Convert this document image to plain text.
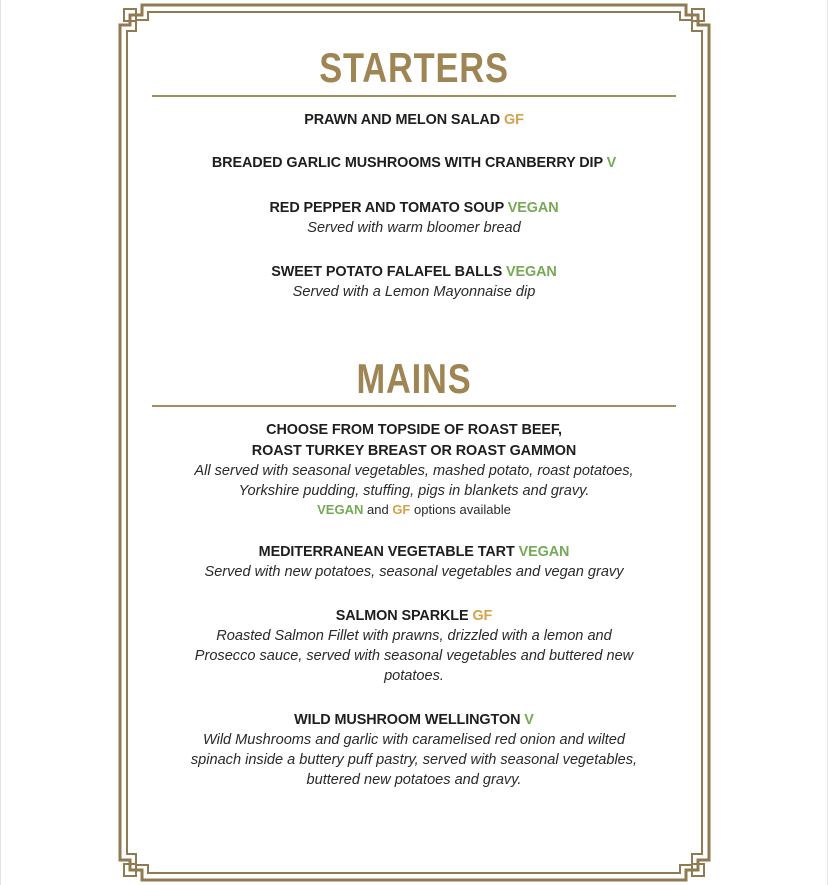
STARTERS
PRAWN AND MELON SALAD GF
BREADED GARLIC MUSHROOMS WITH CRANBERRY DIP V
RED PEPPER AND TOMATO SOUP VEGAN
Served with warm bloomer bread
SWEET POTATO FALAFEL BALLS VEGAN
Served with a Lemon Mayonnaise dip
MAINS
CHOOSE FROM TOPSIDE OF ROAST BEEF,
ROAST TURKEY BREAST OR ROAST GAMMON
All served with seasonal vegetables, mashed potato, roast potatoes,
Yorkshire pudding, stuffing, pigs in blankets and gravy.
VEGAN and GF options available
MEDITERRANEAN VEGETABLE TART VEGAN
Served with new potatoes, seasonal vegetables and vegan gravy
SALMON SPARKLE GF
Roasted Salmon Fillet with prawns, drizzled with a lemon and
Prosecco sauce, served with seasonal vegetables and buttered new
potatoes.
WILD MUSHROOM WELLINGTON V
Wild Mushrooms and garlic with caramelised red onion and wilted
spinach inside a buttery puff pastry, served with seasonal vegetables,
buttered new potatoes and gravy.
